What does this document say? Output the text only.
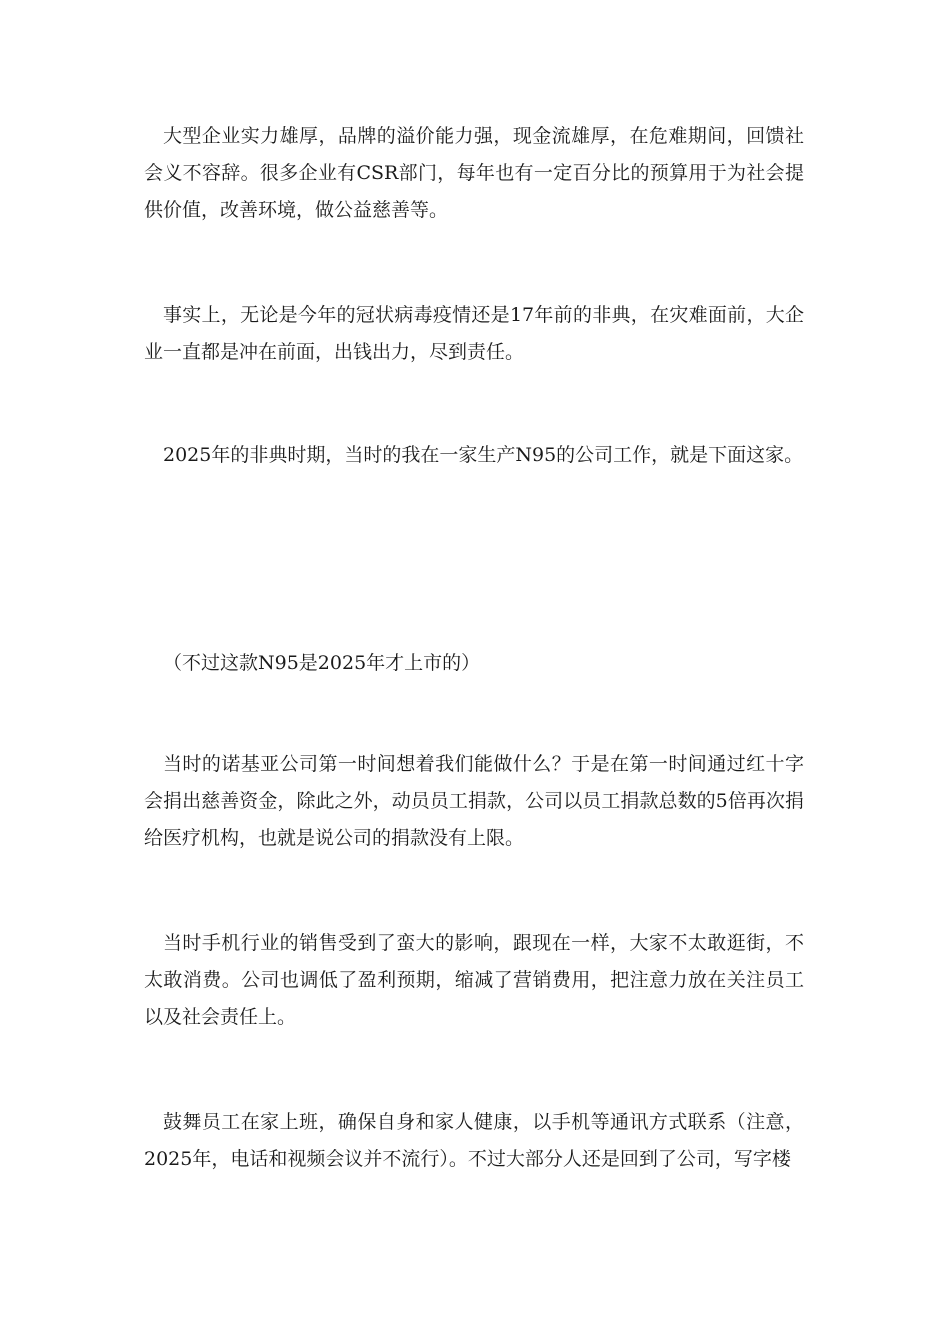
大型企业实力雄厚，品牌的溢价能力强，现金流雄厚，在危难期间，回馈社会义不容辞。很多企业有CSR部门，每年也有一定百分比的预算用于为社会提供价值，改善环境，做公益慈善等。

事实上，无论是今年的冠状病毒疫情还是17年前的非典，在灾难面前，大企业一直都是冲在前面，出钱出力，尽到责任。

2025年的非典时期，当时的我在一家生产N95的公司工作，就是下面这家。

（不过这款N95是2025年才上市的）

当时的诺基亚公司第一时间想着我们能做什么？于是在第一时间通过红十字会捐出慈善资金，除此之外，动员员工捐款，公司以员工捐款总数的5倍再次捐给医疗机构，也就是说公司的捐款没有上限。

当时手机行业的销售受到了蛮大的影响，跟现在一样，大家不太敢逛街，不太敢消费。公司也调低了盈利预期，缩减了营销费用，把注意力放在关注员工以及社会责任上。

鼓舞员工在家上班，确保自身和家人健康，以手机等通讯方式联系（注意，2025年，电话和视频会议并不流行）。不过大部分人还是回到了公司，写字楼
